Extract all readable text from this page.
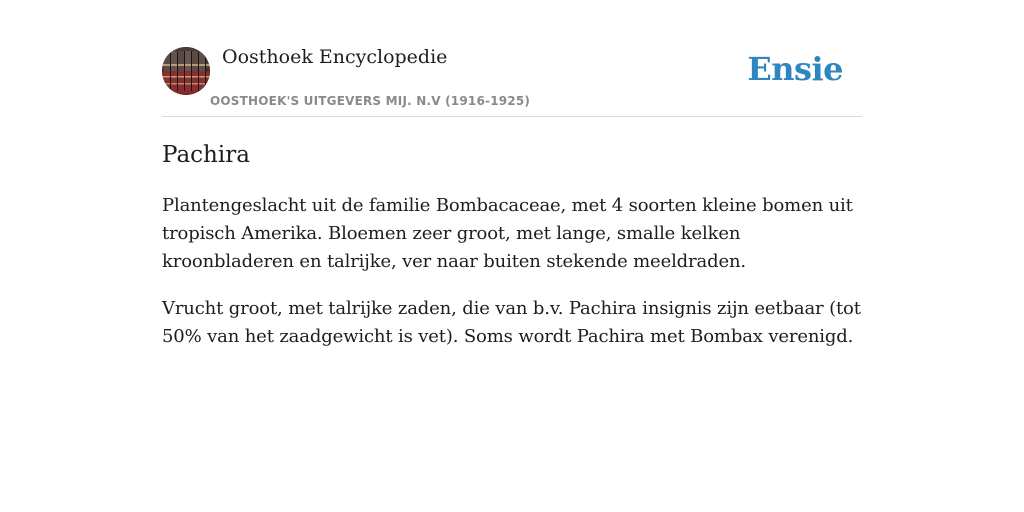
Oosthoek Encyclopedie
OOSTHOEK'S UITGEVERS MIJ. N.V (1916-1925)
Ensie
Pachira

Plantengeslacht uit de familie Bombacaceae, met 4 soorten kleine bomen uit tropisch Amerika. Bloemen zeer groot, met lange, smalle kelken kroonbladeren en talrijke, ver naar buiten stekende meeldraden.

Vrucht groot, met talrijke zaden, die van b.v. Pachira insignis zijn eetbaar (tot 50% van het zaadgewicht is vet). Soms wordt Pachira met Bombax verenigd.
